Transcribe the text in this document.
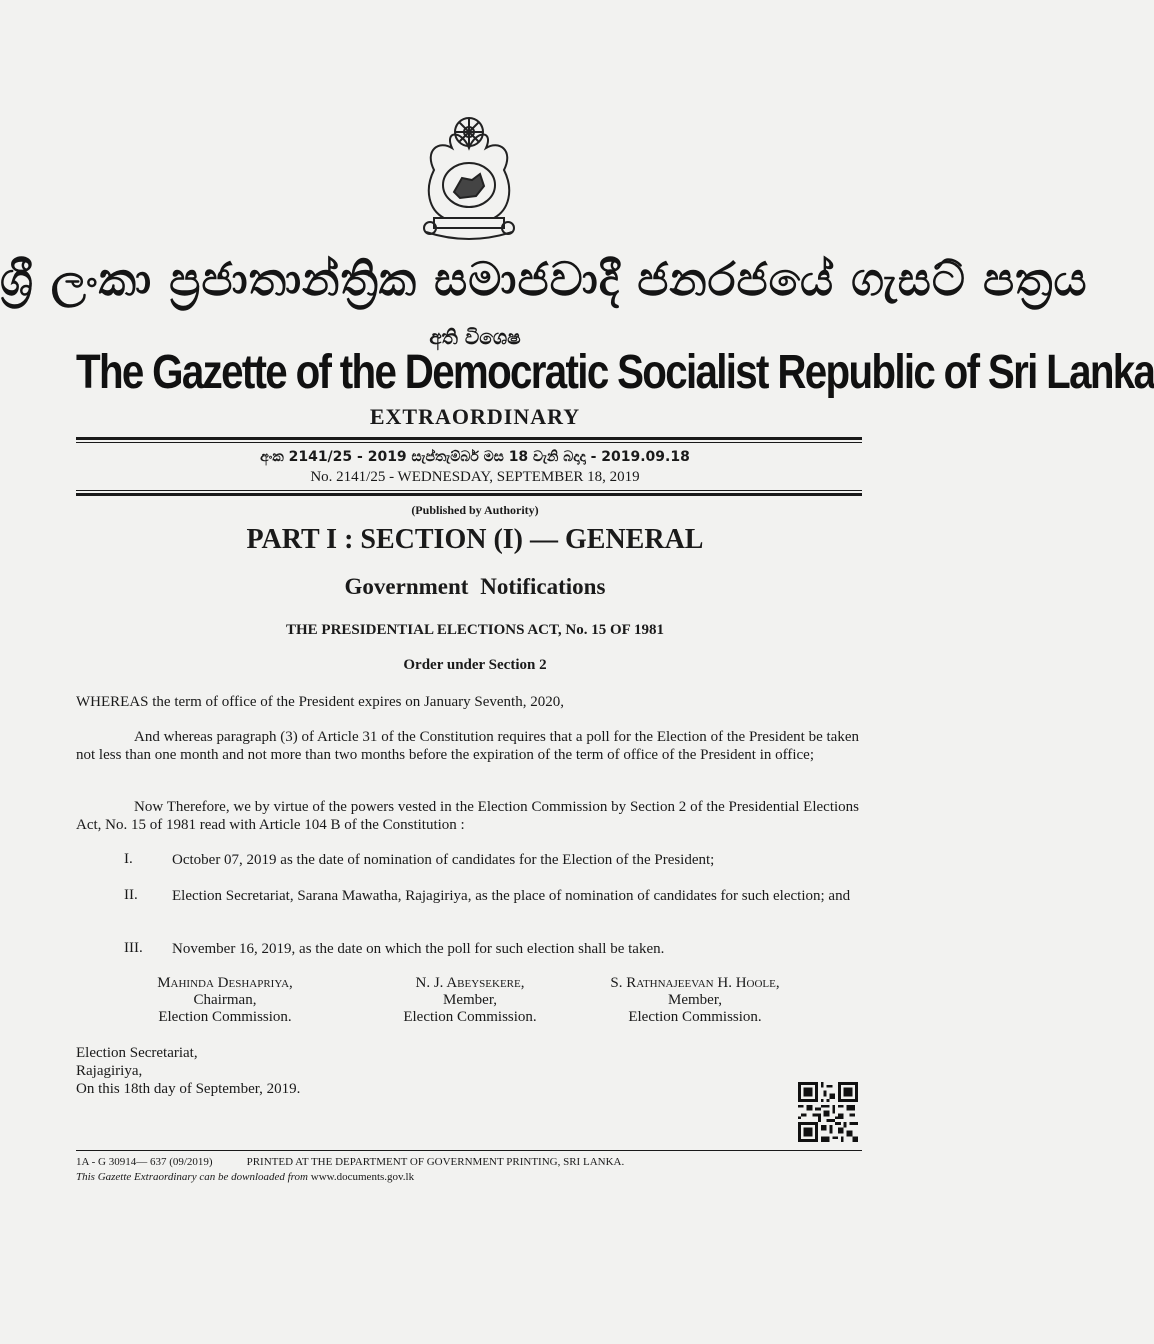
ශ්‍රී ලංකා ප්‍රජාතාන්ත්‍රික සමාජවාදී ජනරජයේ ගැසට් පත්‍රය
අති විශෙෂ
The Gazette of the Democratic Socialist Republic of Sri Lanka
EXTRAORDINARY
අංක 2141/25 - 2019 සැප්තැම්බර් මස 18 වැනි බදාදා - 2019.09.18
No. 2141/25 - WEDNESDAY, SEPTEMBER 18, 2019
(Published by Authority)
PART I : SECTION (I) — GENERAL
Government Notifications
THE PRESIDENTIAL ELECTIONS ACT, No. 15 OF 1981
Order under Section 2
WHEREAS the term of office of the President expires on January Seventh, 2020,
And whereas paragraph (3) of Article 31 of the Constitution requires that a poll for the Election of the President be taken not less than one month and not more than two months before the expiration of the term of office of the President in office;
Now Therefore, we by virtue of the powers vested in the Election Commission by Section 2 of the Presidential Elections Act, No. 15 of 1981 read with Article 104 B of the Constitution :
I.	October 07, 2019 as the date of nomination of candidates for the Election of the President;
II. Election Secretariat, Sarana Mawatha, Rajagiriya, as the place of nomination of candidates for such election; and
III. November 16, 2019, as the date on which the poll for such election shall be taken.
Mahinda Deshapriya,
Chairman,
Election Commission.
N. J. Abeysekere,
Member,
Election Commission.
S. Rathnajeevan H. Hoole,
Member,
Election Commission.
Election Secretariat,
Rajagiriya,
On this 18th day of September, 2019.
1A - G 30914— 637 (09/2019)	PRINTED AT THE DEPARTMENT OF GOVERNMENT PRINTING, SRI LANKA.
This Gazette Extraordinary can be downloaded from www.documents.gov.lk
